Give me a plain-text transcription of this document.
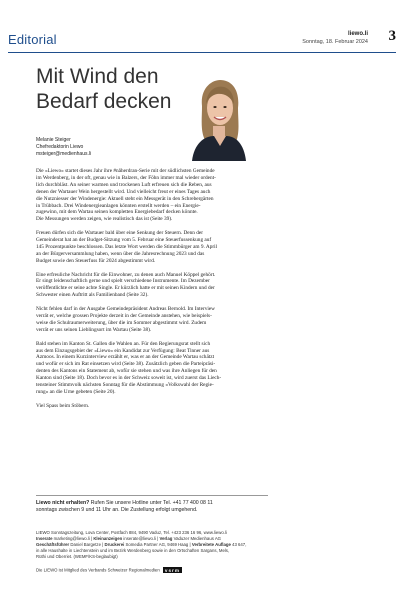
Editorial	liewo.li
Sonntag, 18. Februar 2024 3
Mit Wind den
Bedarf decken
Melanie Steiger
Chefredaktorin Liewo
msteiger@medienhaus.li

Die «Liewo» startet dieses Jahr ihre #nåherdran-Serie mit der südlichsten Gemeinde
im Werdenberg, in der oft, genau wie in Balzers, der Föhn immer mal wieder ordent-
lich durchbläst. An seiner warmen und trockenen Luft erfreuen sich die Reben, aus
denen der Wartauer Wein hergestellt wird. Und vielleicht freut er eines Tages auch
die Nutzniesser der Windenergie: Aktuell steht ein Messgerät in den Schrebergärten
in Trübbach. Drei Windenergieanlagen könnten erstellt werden – ein Energie-
zugewinn, mit dem Wartau seinen kompletten Energiebedarf decken könnte.
Die Messungen werden zeigen, wie realistisch das ist (Seite 39).

Freuen dürfen sich die Wartauer bald über eine Senkung der Steuern. Denn der
Gemeinderat hat an der Budget-Sitzung vom 5. Februar eine Steuerfussenkung auf
145 Prozentpunkte beschlossen. Das letzte Wort werden die Stimmbürger am 9. April
an der Bürgerversammlung haben, wenn über die Jahresrechnung 2023 und das
Budget sowie den Steuerfuss für 2024 abgestimmt wird.

Eine erfreuliche Nachricht für die Einwohner, zu denen auch Manuel Köppel gehört.
Er singt leidenschaftlich gerne und spielt verschiedene Instrumente. Im Dezember
veröffentlichte er seine achte Single. Er kürzlich hatte er mit seinen Kindern und der
Schwester einen Auftritt als Familienband (Seite 32).

Nicht fehlen darf in der Ausgabe Gemeindepräsident Andreas Bernold. Im Interview
verrät er, welche grossen Projekte derzeit in der Gemeinde anstehen, wie beispiels-
weise die Schulraumerweiterung, über die im Sommer abgestimmt wird. Zudem
verrät er uns seinen Lieblingsort im Wartau (Seite 38).

Bald stehen im Kanton St. Gallen die Wahlen an. Für den Regierungsrat stellt sich
aus dem Einzugsgebiet der «Liewo» ein Kandidat zur Verfügung: Beat Tinner aus
Azmoos. In einem Kurzinterview erzählt er, was er an der Gemeinde Wartau schätzt
und wofür er sich im Rat einsetzen wird (Seite 38). Zusätzlich geben die Parteipräsi-
denten des Kantons ein Statement ab, wofür sie stehen und was ihre Anliegen für den
Kanton sind (Seite 18). Doch bevor es in der Schweiz soweit ist, wird zuerst das Liech-
tensteiner Stimmvolk nächsten Sonntag für die Abstimmung «Volkswahl der Regie-
rung» an die Urne gebeten (Seite 20).

Viel Spass beim Stöbern.

Liewo nicht erhalten? Rufen Sie unsere Hotline unter Tel. +41 77 400 08 11
sonntags zwischen 9 und 11 Uhr an. Die Zustellung erfolgt umgehend.
LIEWO Sonntagszeitung, Lova Center, Postfach 884, 9490 Vaduz, Tel. +423 236 16 96, www.liewo.li
Inserate marketing@liewo.li | Kleinanzeigen inserate@liewo.li | Verlag Vaduzer Medienhaus AG
Geschäftsführer Daniel Bargetze | Druckerei Somedia Partner AG, 9469 Haag | Verbreitete Auflage 43 647,
in alle Haushalte in Liechtenstein und im Bezirk Werdenberg sowie in den Ortschaften Sargans, Mels,
Rüthi und Oberriet. (WEMF/KS-beglaubigt)
Die LIEWO ist Mitglied des Verbands Schweizer Regionalmedien vsrm
